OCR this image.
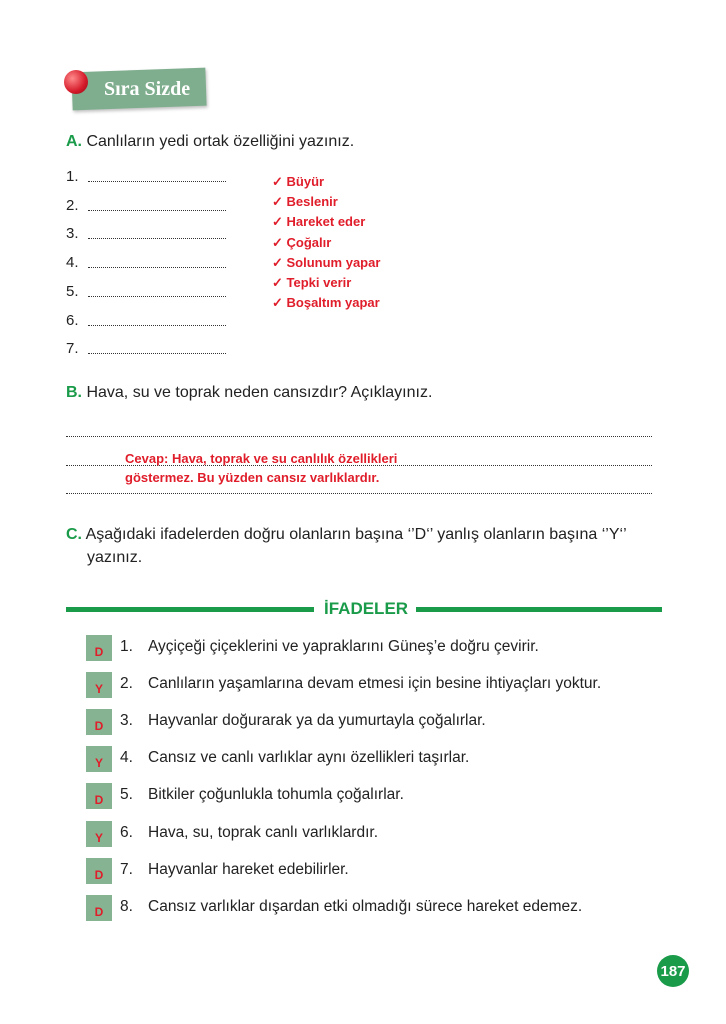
Sıra Sizde
A. Canlıların yedi ortak özelliğini yazınız.
B. Hava, su ve toprak neden cansızdır? Açıklayınız.
Cevap: Hava, toprak ve su canlılık özellikleri
göstermez. Bu yüzden cansız varlıklardır.
C. Aşağıdaki ifadelerden doğru olanların başına ‘’D‘’ yanlış olanların başına ‘’Y‘’
yazınız.
İFADELER
187
1.
2.
3.
4.
5.
6.
7.
✓ Büyür
✓ Beslenir
✓ Hareket eder
✓ Çoğalır
✓ Solunum yapar
✓ Tepki verir
✓ Boşaltım yapar
D	1. Ayçiçeği çiçeklerini ve yapraklarını Güneş’e doğru çevirir.
Y	2. Canlıların yaşamlarına devam etmesi için besine ihtiyaçları yoktur.
D	3. Hayvanlar doğurarak ya da yumurtayla çoğalırlar.
Y	4. Cansız ve canlı varlıklar aynı özellikleri taşırlar.
D	5. Bitkiler çoğunlukla tohumla çoğalırlar.
Y	6. Hava, su, toprak canlı varlıklardır.
D	7. Hayvanlar hareket edebilirler.
D	8. Cansız varlıklar dışardan etki olmadığı sürece hareket edemez.
